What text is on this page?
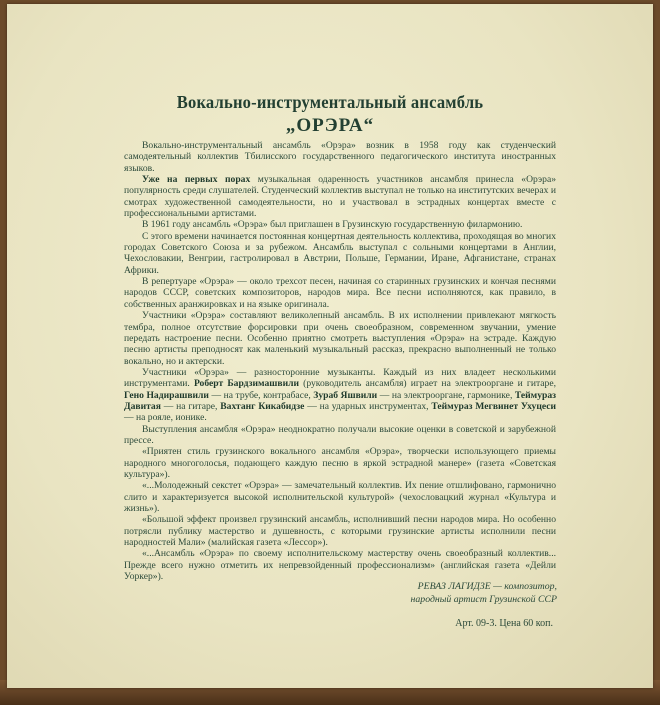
Вокально-инструментальный ансамбль
„ОРЭРА“

Вокально-инструментальный ансамбль «Орэра» возник в 1958 году как студенческий самодеятельный коллектив Тбилисского государственного педагогического института иностранных языков.

Уже на первых порах музыкальная одаренность участников ансамбля принесла «Орэра» популярность среди слушателей. Студенческий коллектив выступал не только на институтских вечерах и смотрах художественной самодеятельности, но и участвовал в эстрадных концертах вместе с профессиональными артистами.

В 1961 году ансамбль «Орэра» был приглашен в Грузинскую государственную филармонию.

С этого времени начинается постоянная концертная деятельность коллектива, проходящая во многих городах Советского Союза и за рубежом. Ансамбль выступал с сольными концертами в Англии, Чехословакии, Венгрии, гастролировал в Австрии, Польше, Германии, Иране, Афганистане, странах Африки.

В репертуаре «Орэра» — около трехсот песен, начиная со старинных грузинских и кончая песнями народов СССР, советских композиторов, народов мира. Все песни исполняются, как правило, в собственных аранжировках и на языке оригинала.

Участники «Орэра» составляют великолепный ансамбль. В их исполнении привлекают мягкость тембра, полное отсутствие форсировки при очень своеобразном, современном звучании, умение передать настроение песни. Особенно приятно смотреть выступления «Орэра» на эстраде. Каждую песню артисты преподносят как маленький музыкальный рассказ, прекрасно выполненный не только вокально, но и актерски.

Участники «Орэра» — разносторонние музыканты. Каждый из них владеет несколькими инструментами. Роберт Бардзимашвили (руководитель ансамбля) играет на электрооргане и гитаре, Гено Надирашвили — на трубе, контрабасе, Зураб Яшвили — на электрооргане, гармонике, Теймураз Давитая — на гитаре, Вахтанг Кикабидзе — на ударных инструментах, Теймураз Мегвинет Ухуцеси — на рояле, ионике.

Выступления ансамбля «Орэра» неоднократно получали высокие оценки в советской и зарубежной прессе.

«Приятен стиль грузинского вокального ансамбля «Орэра», творчески использующего приемы народного многоголосья, подающего каждую песню в яркой эстрадной манере» (газета «Советская культура»).

«...Молодежный секстет «Орэра» — замечательный коллектив. Их пение отшлифовано, гармонично слито и характеризуется высокой исполнительской культурой» (чехословацкий журнал «Культура и жизнь»).

«Большой эффект произвел грузинский ансамбль, исполнивший песни народов мира. Но особенно потрясли публику мастерство и душевность, с которыми грузинские артисты исполнили песни народностей Мали» (малийская газета «Лессор»).

«...Ансамбль «Орэра» по своему исполнительскому мастерству очень своеобразный коллектив... Прежде всего нужно отметить их непревзойденный профессионализм» (английская газета «Дейли Уоркер»).

РЕВАЗ ЛАГИДЗЕ — композитор,
народный артист Грузинской ССР
Арт. 09-3. Цена 60 коп.
